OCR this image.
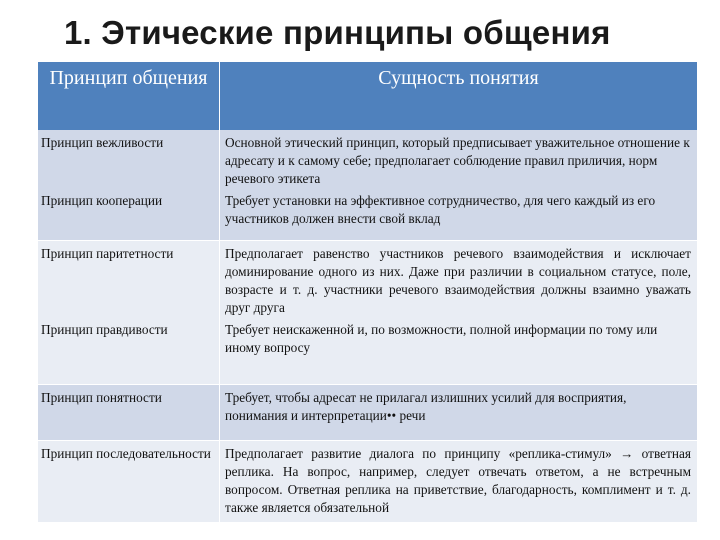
1. Этические принципы общения
Принцип общения	Сущность понятия
Принцип вежливости	Основной этический принцип, который предписывает уважительное отношение к адресату и к самому себе; предполагает соблюдение правил приличия, норм речевого этикета
Принцип кооперации	Требует установки на эффективное сотрудничество, для чего каждый из его участников должен внести свой вклад
Принцип паритетности	Предполагает равенство участников речевого взаимодействия и исключает доминирование одного из них. Даже при различии в социальном статусе, поле, возрасте и т. д. участники речевого взаимодействия должны взаимно уважать друг друга
Принцип правдивости	Требует неискаженной и, по возможности, полной информации по тому или иному вопросу
Принцип понятности	Требует, чтобы адресат не прилагал излишних усилий для восприятия, понимания и интерпретации•• речи
Принцип последовательности	Предполагает развитие диалога по принципу «реплика-стимул» → ответная реплика. На вопрос, например, следует отвечать ответом, а не встречным вопросом. Ответная реплика на приветствие, благодарность, комплимент и т. д. также является обязательной
